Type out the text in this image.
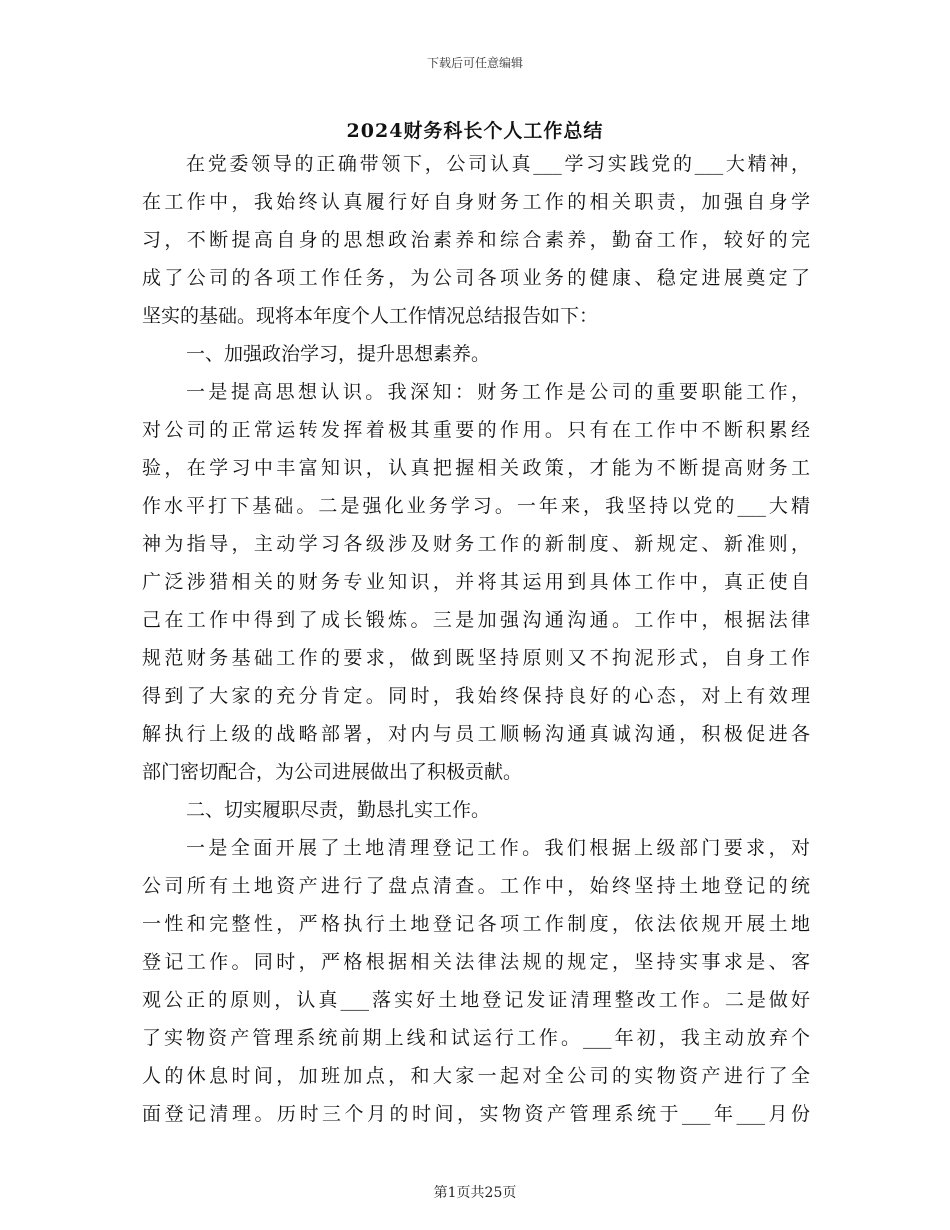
下载后可任意编辑
2024财务科长个人工作总结
在党委领导的正确带领下，公司认真___学习实践党的___大精神，
在工作中，我始终认真履行好自身财务工作的相关职责，加强自身学
习，不断提高自身的思想政治素养和综合素养，勤奋工作，较好的完
成了公司的各项工作任务，为公司各项业务的健康、稳定进展奠定了
坚实的基础。现将本年度个人工作情况总结报告如下：
一、加强政治学习，提升思想素养。
一是提高思想认识。我深知：财务工作是公司的重要职能工作，
对公司的正常运转发挥着极其重要的作用。只有在工作中不断积累经
验，在学习中丰富知识，认真把握相关政策，才能为不断提高财务工
作水平打下基础。二是强化业务学习。一年来，我坚持以党的___大精
神为指导，主动学习各级涉及财务工作的新制度、新规定、新准则，
广泛涉猎相关的财务专业知识，并将其运用到具体工作中，真正使自
己在工作中得到了成长锻炼。三是加强沟通沟通。工作中，根据法律
规范财务基础工作的要求，做到既坚持原则又不拘泥形式，自身工作
得到了大家的充分肯定。同时，我始终保持良好的心态，对上有效理
解执行上级的战略部署，对内与员工顺畅沟通真诚沟通，积极促进各
部门密切配合，为公司进展做出了积极贡献。
二、切实履职尽责，勤恳扎实工作。
一是全面开展了土地清理登记工作。我们根据上级部门要求，对
公司所有土地资产进行了盘点清查。工作中，始终坚持土地登记的统
一性和完整性，严格执行土地登记各项工作制度，依法依规开展土地
登记工作。同时，严格根据相关法律法规的规定，坚持实事求是、客
观公正的原则，认真___落实好土地登记发证清理整改工作。二是做好
了实物资产管理系统前期上线和试运行工作。___年初，我主动放弃个
人的休息时间，加班加点，和大家一起对全公司的实物资产进行了全
面登记清理。历时三个月的时间，实物资产管理系统于___年___月份
第1页共25页
